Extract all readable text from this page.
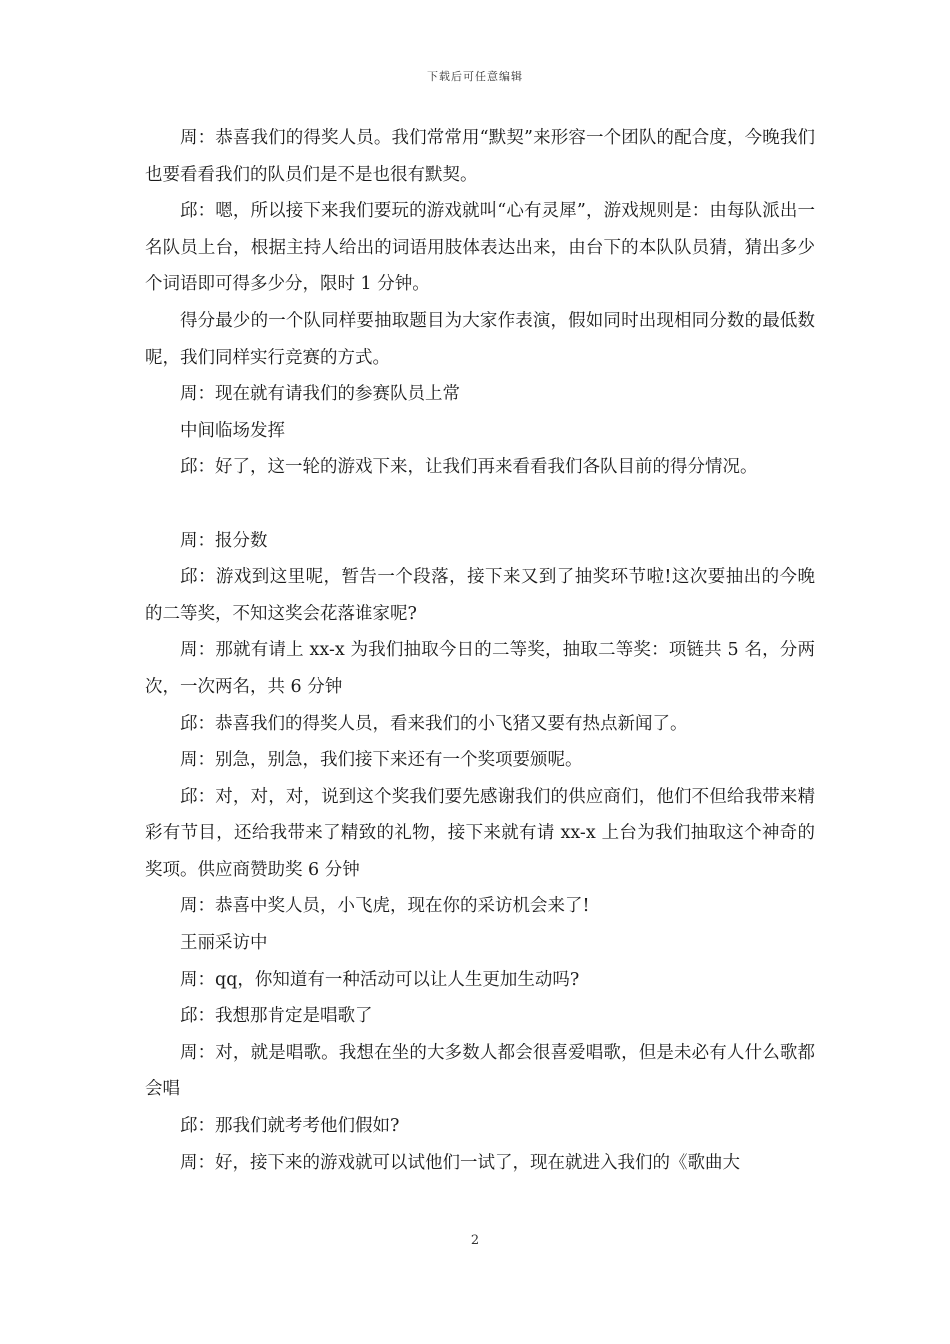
下载后可任意编辑

周：恭喜我们的得奖人员。我们常常用“默契”来形容一个团队的配合度，今晚我们也要看看我们的队员们是不是也很有默契。

邱：嗯，所以接下来我们要玩的游戏就叫“心有灵犀”，游戏规则是：由每队派出一名队员上台，根据主持人给出的词语用肢体表达出来，由台下的本队队员猜，猜出多少个词语即可得多少分，限时 1 分钟。

得分最少的一个队同样要抽取题目为大家作表演，假如同时出现相同分数的最低数呢，我们同样实行竞赛的方式。

周：现在就有请我们的参赛队员上常

中间临场发挥

邱：好了，这一轮的游戏下来，让我们再来看看我们各队目前的得分情况。

周：报分数

邱：游戏到这里呢，暂告一个段落，接下来又到了抽奖环节啦!这次要抽出的今晚的二等奖，不知这奖会花落谁家呢?

周：那就有请上 xx-x 为我们抽取今日的二等奖，抽取二等奖：项链共 5 名，分两次，一次两名，共 6 分钟

邱：恭喜我们的得奖人员，看来我们的小飞猪又要有热点新闻了。

周：别急，别急，我们接下来还有一个奖项要颁呢。

邱：对，对，对，说到这个奖我们要先感谢我们的供应商们，他们不但给我带来精彩有节目，还给我带来了精致的礼物，接下来就有请 xx-x 上台为我们抽取这个神奇的奖项。供应商赞助奖 6 分钟

周：恭喜中奖人员，小飞虎，现在你的采访机会来了!

王丽采访中

周：qq，你知道有一种活动可以让人生更加生动吗?

邱：我想那肯定是唱歌了

周：对，就是唱歌。我想在坐的大多数人都会很喜爱唱歌，但是未必有人什么歌都会唱

邱：那我们就考考他们假如?

周：好，接下来的游戏就可以试他们一试了，现在就进入我们的《歌曲大

2
